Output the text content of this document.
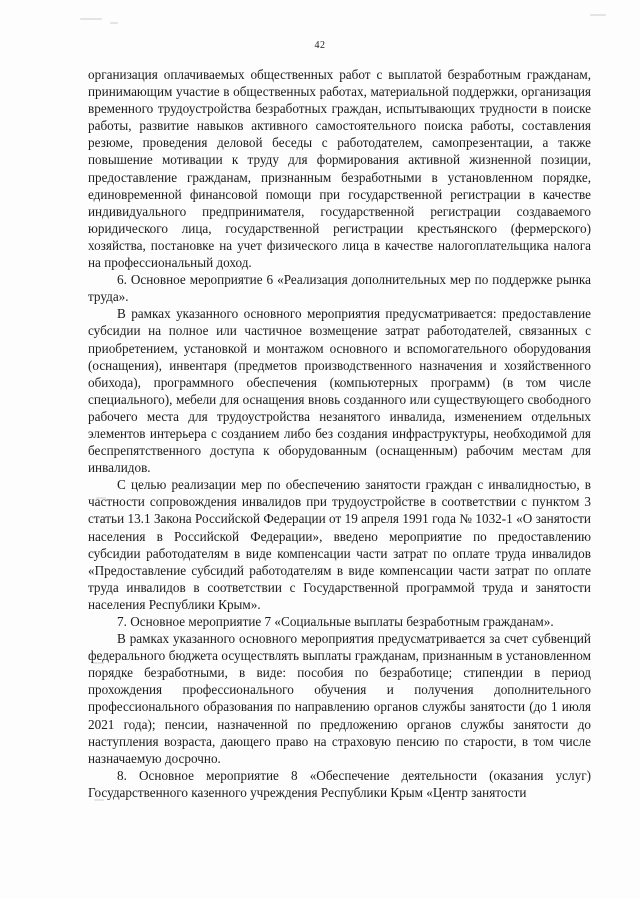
42

организация оплачиваемых общественных работ с выплатой безработным гражданам, принимающим участие в общественных работах, материальной поддержки, организация временного трудоустройства безработных граждан, испытывающих трудности в поиске работы, развитие навыков активного самостоятельного поиска работы, составления резюме, проведения деловой беседы с работодателем, самопрезентации, а также повышение мотивации к труду для формирования активной жизненной позиции, предоставление гражданам, признанным безработными в установленном порядке, единовременной финансовой помощи при государственной регистрации в качестве индивидуального предпринимателя, государственной регистрации создаваемого юридического лица, государственной регистрации крестьянского (фермерского) хозяйства, постановке на учет физического лица в качестве налогоплательщика налога на профессиональный доход.

6. Основное мероприятие 6 «Реализация дополнительных мер по поддержке рынка труда».

В рамках указанного основного мероприятия предусматривается: предоставление субсидии на полное или частичное возмещение затрат работодателей, связанных с приобретением, установкой и монтажом основного и вспомогательного оборудования (оснащения), инвентаря (предметов производственного назначения и хозяйственного обихода), программного обеспечения (компьютерных программ) (в том числе специального), мебели для оснащения вновь созданного или существующего свободного рабочего места для трудоустройства незанятого инвалида, изменением отдельных элементов интерьера с созданием либо без создания инфраструктуры, необходимой для беспрепятственного доступа к оборудованным (оснащенным) рабочим местам для инвалидов.

С целью реализации мер по обеспечению занятости граждан с инвалидностью, в частности сопровождения инвалидов при трудоустройстве в соответствии с пунктом 3 статьи 13.1 Закона Российской Федерации от 19 апреля 1991 года № 1032-1 «О занятости населения в Российской Федерации», введено мероприятие по предоставлению субсидии работодателям в виде компенсации части затрат по оплате труда инвалидов «Предоставление субсидий работодателям в виде компенсации части затрат по оплате труда инвалидов в соответствии с Государственной программой труда и занятости населения Республики Крым».

7. Основное мероприятие 7 «Социальные выплаты безработным гражданам».

В рамках указанного основного мероприятия предусматривается за счет субвенций федерального бюджета осуществлять выплаты гражданам, признанным в установленном порядке безработными, в виде: пособия по безработице; стипендии в период прохождения профессионального обучения и получения дополнительного профессионального образования по направлению органов службы занятости (до 1 июля 2021 года); пенсии, назначенной по предложению органов службы занятости до наступления возраста, дающего право на страховую пенсию по старости, в том числе назначаемую досрочно.

8. Основное мероприятие 8 «Обеспечение деятельности (оказания услуг) Государственного казенного учреждения Республики Крым «Центр занятости
